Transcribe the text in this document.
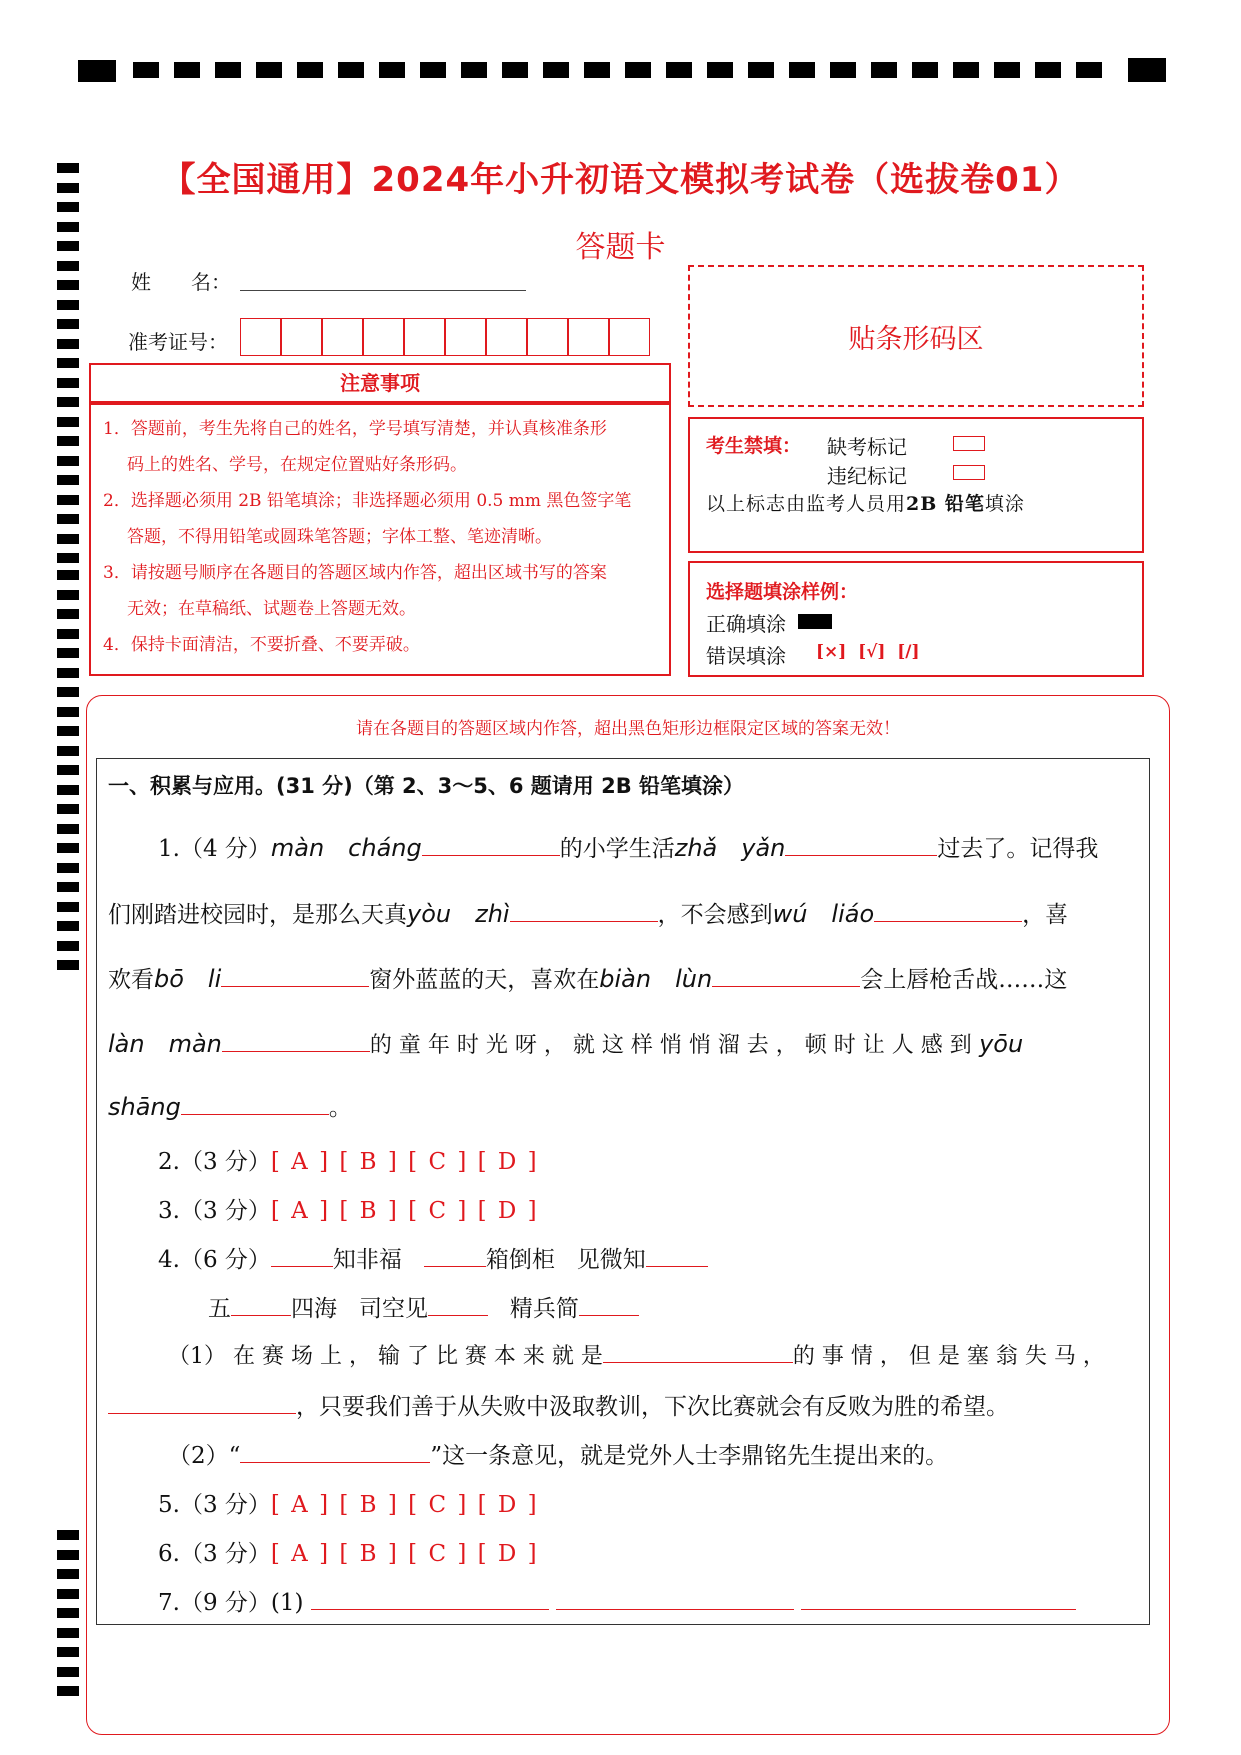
【全国通用】2024年小升初语文模拟考试卷（选拔卷01）
答题卡
姓　　名：
准考证号：	贴条形码区
注意事项

1．答题前，考生先将自己的姓名，学号填写清楚，并认真核准条形

码上的姓名、学号，在规定位置贴好条形码。

2．选择题必须用 2B 铅笔填涂；非选择题必须用 0.5 mm 黑色签字笔

答题，不得用铅笔或圆珠笔答题；字体工整、笔迹清晰。

3．请按题号顺序在各题目的答题区域内作答，超出区域书写的答案

无效；在草稿纸、试题卷上答题无效。

4．保持卡面清洁，不要折叠、不要弄破。

考生禁填： 缺考标记
违纪标记
以上标志由监考人员用2B 铅笔填涂
选择题填涂样例：
正确填涂
错误填涂 [×]  [√]  [/]
请在各题目的答题区域内作答，超出黑色矩形边框限定区域的答案无效！
一、积累与应用。(31 分)（第 2、3～5、6 题请用 2B 铅笔填涂）
1.（4 分）màn　cháng	的小学生活zhǎ　yǎn	过去了。记得我
们刚踏进校园时，是那么天真yòu　zhì	，不会感到wú　liáo	，喜
欢看bō　li	窗外蓝蓝的天，喜欢在biàn　lùn	会上唇枪舌战……这
làn　màn	的 童 年 时 光 呀 ， 就 这 样 悄 悄 溜 去 ， 顿 时 让 人 感 到 yōu
shāng	。
2.（3 分）[ A ] [ B ] [ C ] [ D ]
3.（3 分）[ A ] [ B ] [ C ] [ D ]
4.（6 分）	知非福	箱倒柜 见微知
五	四海 司空见	精兵简
（1） 在 赛 场 上 ， 输 了 比 赛 本 来 就 是	的 事 情 ， 但 是 塞 翁 失 马 ，
，只要我们善于从失败中汲取教训，下次比赛就会有反败为胜的希望。
（2）“	”这一条意见，就是党外人士李鼎铭先生提出来的。
5.（3 分）[ A ] [ B ] [ C ] [ D ]
6.（3 分）[ A ] [ B ] [ C ] [ D ]
7.（9 分）(1)
